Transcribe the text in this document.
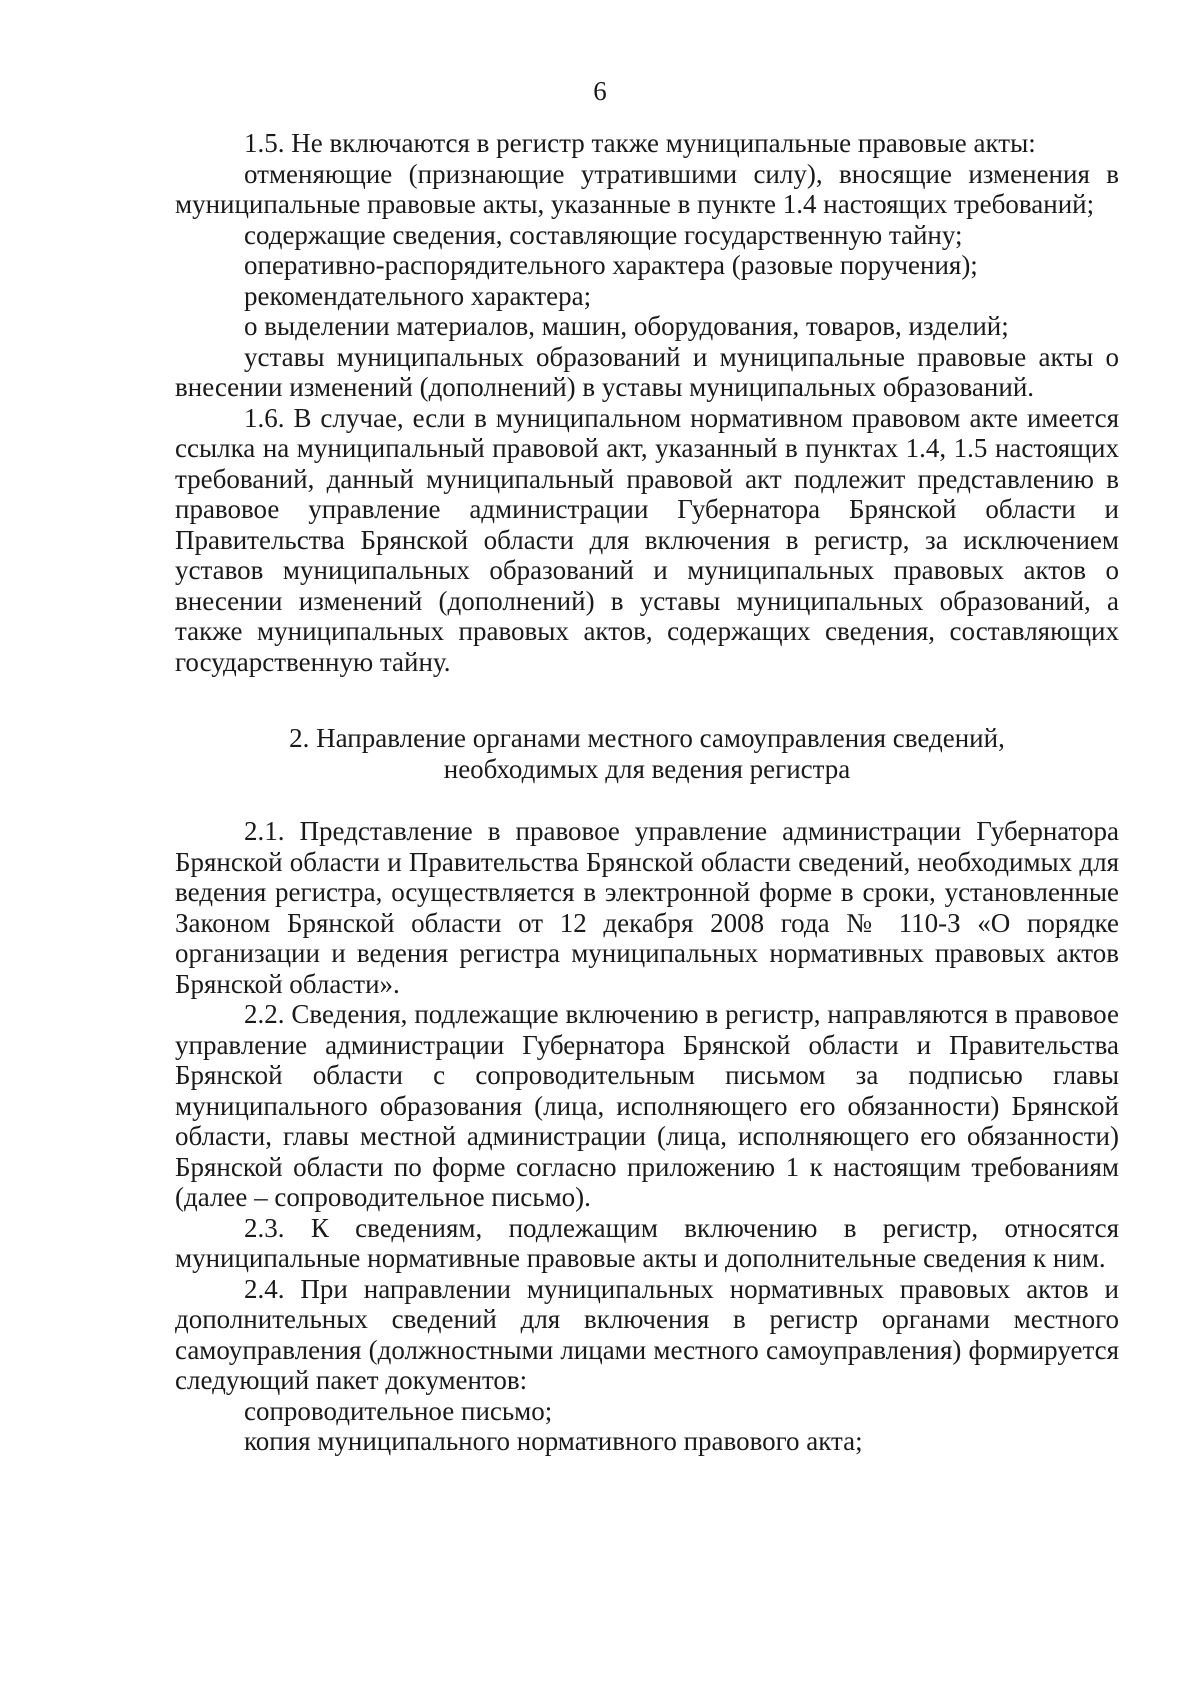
6

1.5. Не включаются в регистр также муниципальные правовые акты:

отменяющие (признающие утратившими силу), вносящие изменения в муниципальные правовые акты, указанные в пункте 1.4 настоящих требований;

содержащие сведения, составляющие государственную тайну;

оперативно-распорядительного характера (разовые поручения);

рекомендательного характера;

о выделении материалов, машин, оборудования, товаров, изделий;

уставы муниципальных образований и муниципальные правовые акты о внесении изменений (дополнений) в уставы муниципальных образований.

1.6. В случае, если в муниципальном нормативном правовом акте имеется ссылка на муниципальный правовой акт, указанный в пунктах 1.4, 1.5 настоящих требований, данный муниципальный правовой акт подлежит представлению в правовое управление администрации Губернатора Брянской области и Правительства Брянской области для включения в регистр, за исключением уставов муниципальных образований и муниципальных правовых актов о внесении изменений (дополнений) в уставы муниципальных образований, а также муниципальных правовых актов, содержащих сведения, составляющих государственную тайну.

2. Направление органами местного самоуправления сведений,
необходимых для ведения регистра

2.1. Представление в правовое управление администрации Губернатора Брянской области и Правительства Брянской области сведений, необходимых для ведения регистра, осуществляется в электронной форме в сроки, установленные Законом Брянской области от 12 декабря 2008 года № 110-З «О порядке организации и ведения регистра муниципальных нормативных правовых актов Брянской области».

2.2. Сведения, подлежащие включению в регистр, направляются в правовое управление администрации Губернатора Брянской области и Правительства Брянской области с сопроводительным письмом за подписью главы муниципального образования (лица, исполняющего его обязанности) Брянской области, главы местной администрации (лица, исполняющего его обязанности) Брянской области по форме согласно приложению 1 к настоящим требованиям (далее – сопроводительное письмо).

2.3. К сведениям, подлежащим включению в регистр, относятся муниципальные нормативные правовые акты и дополнительные сведения к ним.

2.4. При направлении муниципальных нормативных правовых актов и дополнительных сведений для включения в регистр органами местного самоуправления (должностными лицами местного самоуправления) формируется следующий пакет документов:

сопроводительное письмо;

копия муниципального нормативного правового акта;
